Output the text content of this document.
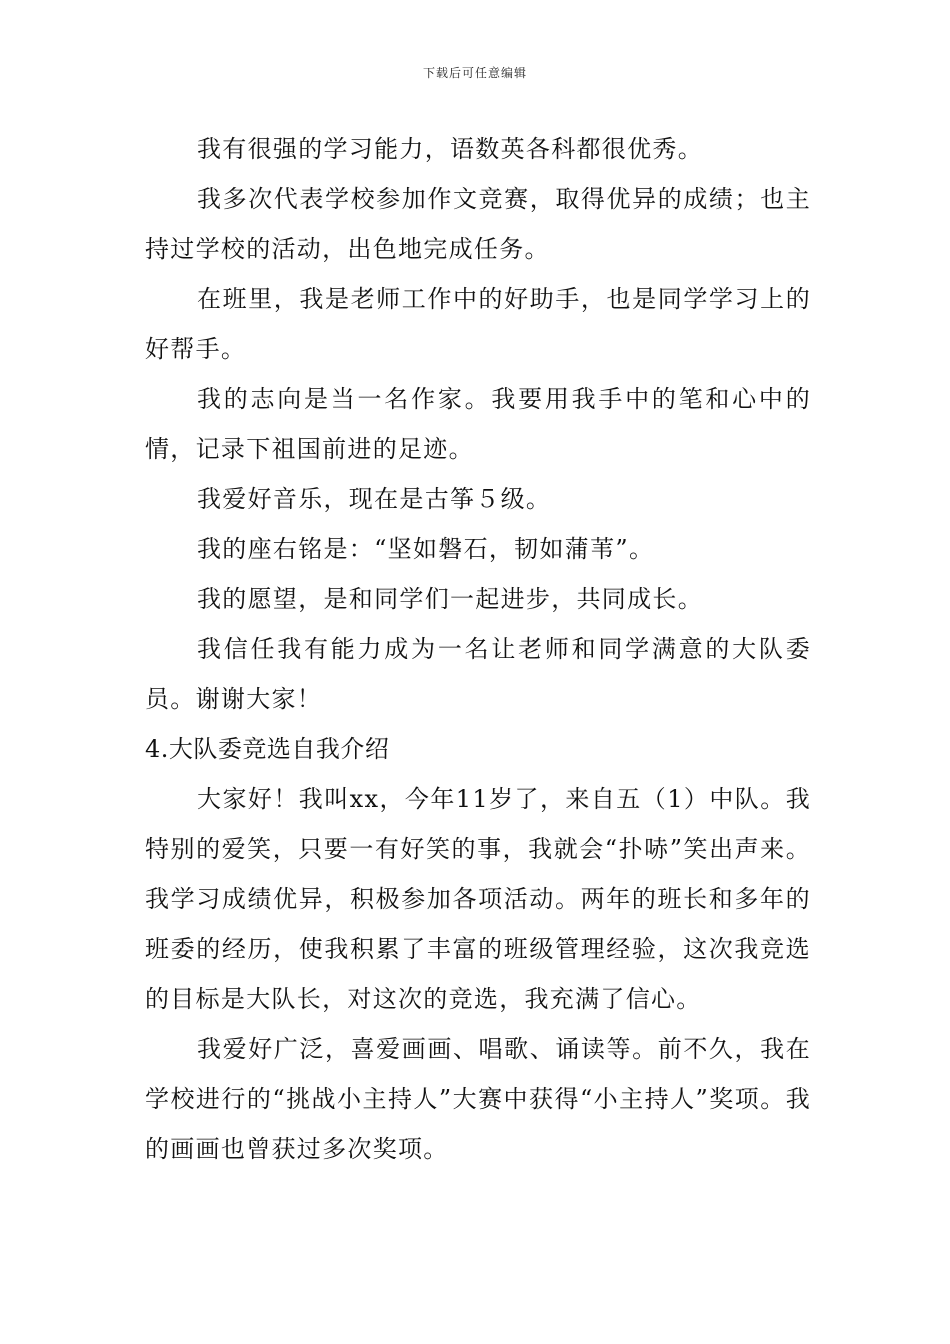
下载后可任意编辑

我有很强的学习能力，语数英各科都很优秀。

我多次代表学校参加作文竞赛，取得优异的成绩；也主持过学校的活动，出色地完成任务。

在班里，我是老师工作中的好助手，也是同学学习上的好帮手。

我的志向是当一名作家。我要用我手中的笔和心中的情，记录下祖国前进的足迹。

我爱好音乐，现在是古筝５级。

我的座右铭是：“坚如磐石，韧如蒲苇”。

我的愿望，是和同学们一起进步，共同成长。

我信任我有能力成为一名让老师和同学满意的大队委员。谢谢大家！

4.大队委竞选自我介绍

大家好！我叫xx，今年11岁了，来自五（1）中队。我特别的爱笑，只要一有好笑的事，我就会“扑哧”笑出声来。我学习成绩优异，积极参加各项活动。两年的班长和多年的班委的经历，使我积累了丰富的班级管理经验，这次我竞选的目标是大队长，对这次的竞选，我充满了信心。

我爱好广泛，喜爱画画、唱歌、诵读等。前不久，我在学校进行的“挑战小主持人”大赛中获得“小主持人”奖项。我的画画也曾获过多次奖项。
